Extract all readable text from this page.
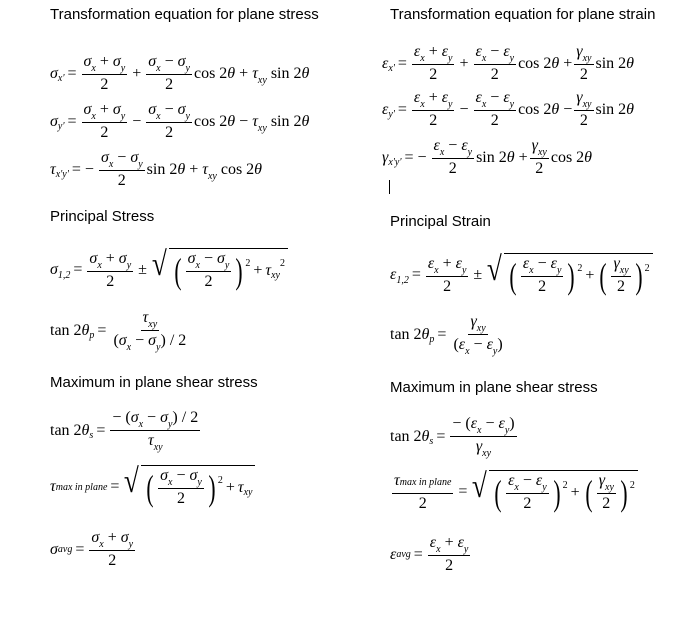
Transformation equation for plane stress
σ $x' = \frac{\sigma_x + \sigma_y}{2} + \frac{\sigma_x - \sigma_y}{2}$ $\cos 2\theta + \tau_{xy}$ sin 2θ
σ $y' = \frac{\sigma_x + \sigma_y}{2} - \frac{\sigma_x - \sigma_y}{2}$ $\cos 2\theta - \tau_{xy}$ sin 2θ
τ x'y' = − $\frac{\sigma_x - \sigma_y}{2}$ $\sin 2\theta + \tau_{xy}$ cos 2θ
Principal Stress
σ $1,2 = \frac{\sigma_x + \sigma_y}{2}$ ± √ ( $\frac{\sigma_x - \sigma_y}{2}$ ) 2 + τ xy
2
tan 2θ $p = \frac{\tau_{xy}}{(\sigma_x - \sigma_y) / 2}$
Maximum in plane shear stress
tan 2θ $s = \frac{- (\sigma_x - \sigma_y) / 2}{\tau_{xy}}$
τ max in plane = √ ( $\frac{\sigma_x - \sigma_y}{2}$ ) 2 + τ xy
σ avg = $\frac{\sigma_x + \sigma_y}{2}$
Transformation equation for plane strain
ε $x' = \frac{\varepsilon_x + \varepsilon_y}{2} + \frac{\varepsilon_x - \varepsilon_y}{2}$ $\cos 2\theta + \frac{\gamma_{xy}}{2}$ sin 2θ
ε $y' = \frac{\varepsilon_x + \varepsilon_y}{2} - \frac{\varepsilon_x - \varepsilon_y}{2}$ $\cos 2\theta - \frac{\gamma_{xy}}{2}$ sin 2θ
γ x'y' = − $\frac{\varepsilon_x - \varepsilon_y}{2}$ $\sin 2\theta + \frac{\gamma_{xy}}{2}$ cos 2θ
Principal Strain
ε $1,2 = \frac{\varepsilon_x + \varepsilon_y}{2}$ ± √ ( $\frac{\varepsilon_x - \varepsilon_y}{2}$ ) 2 + ( $\frac{\gamma_{xy}}{2}$ ) 2
tan 2θ $p = \frac{\gamma_{xy}}{(\varepsilon_x - \varepsilon_y)}$
Maximum in plane shear stress
tan 2θ $s = \frac{- (\varepsilon_x - \varepsilon_y)}{\gamma_{xy}}$
$\frac{\text{τmax in plane}}{2}$ = √ ( $\frac{\varepsilon_x - \varepsilon_y}{2}$ ) 2 + ( $\frac{\gamma_{xy}}{2}$ ) 2
ε avg = $\frac{\varepsilon_x + \varepsilon_y}{2}$
